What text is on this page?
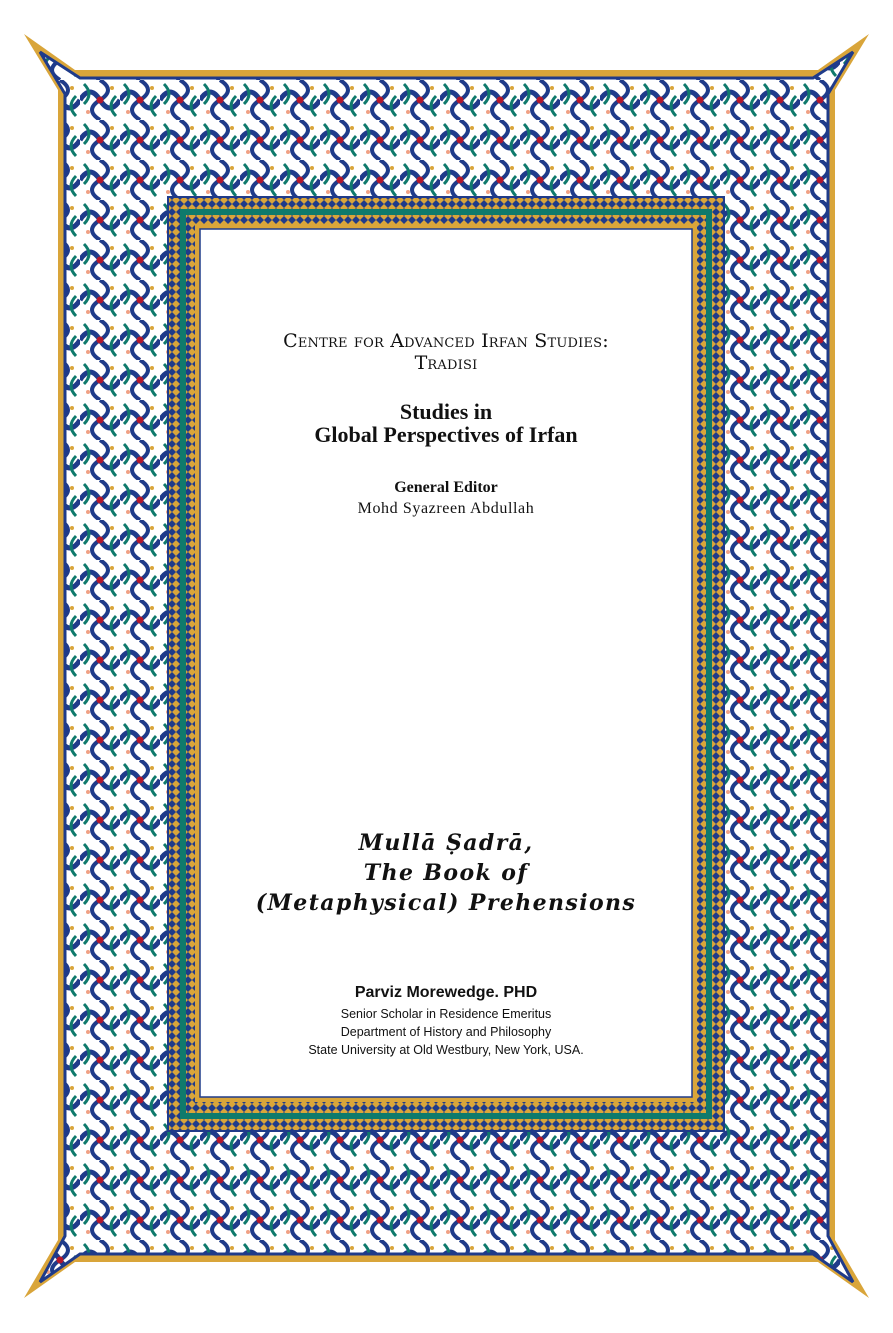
Centre for Advanced Irfan Studies:
Tradisi
Studies in
Global Perspectives of Irfan
General Editor
Mohd Syazreen Abdullah
Mullā Ṣadrā,
The Book of
(Metaphysical) Prehensions
Parviz Morewedge. PHD
Senior Scholar in Residence Emeritus
Department of History and Philosophy
State University at Old Westbury, New York, USA.
